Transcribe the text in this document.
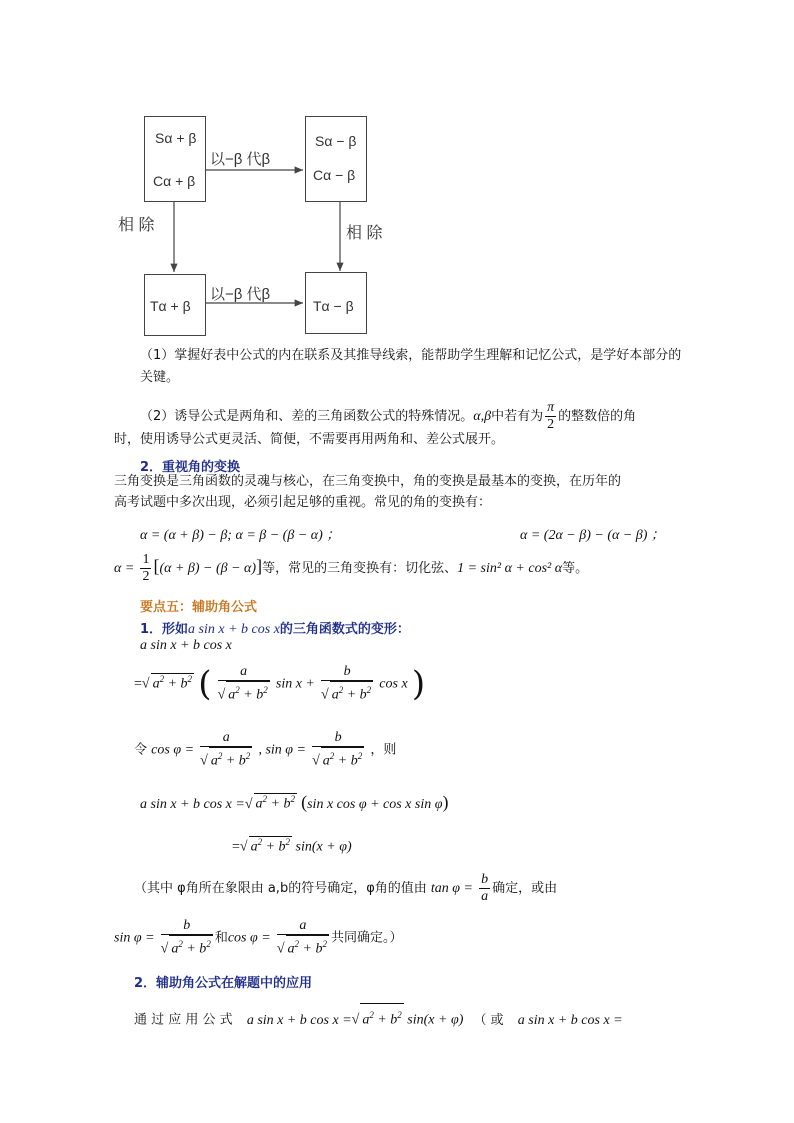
Sα + β
Cα + β
Sα − β
Cα − β
Tα + β	Tα − β
以−β 代β
以−β 代β
相 除	相 除
（1）掌握好表中公式的内在联系及其推导线索，能帮助学生理解和记忆公式，是学好本部分的关键。
（2）诱导公式是两角和、差的三角函数公式的特殊情况。α,β中若有为 $\frac{\pi}{2}$ 的整数倍的角
时，使用诱导公式更灵活、简便，不需要再用两角和、差公式展开。
2．重视角的变换
三角变换是三角函数的灵魂与核心，在三角变换中，角的变换是最基本的变换，在历年的
高考试题中多次出现，必须引起足够的重视。常见的角的变换有：
α = (α + β) − β; α = β − (β − α) ；	α = (2α − β) − (α − β) ；
$\alpha = \frac{1}{2} [(\alpha + \beta) - (\beta - \alpha)]$等，常见的三角变换有：切化弦、1 = sin² α + cos² α等。
要点五：辅助角公式
1．形如a sin x + b cos x的三角函数式的变形：
a sin x + b cos x
=√ $a^2 + b^2$ ( $\frac{a}{√ a^2 + b^2}$ $\sin x + \frac{b}{√ a^2 + b^2}$ cos x )
令 $\cos \varphi = \frac{a}{√ a^2 + b^2}$ , $\sin \varphi = \frac{b}{√ a^2 + b^2}$ ，则
a sin x + b cos x =√ $a^2 + b^2$ (sin x cos φ + cos x sin φ)
=√ $a^2 + b^2$ sin(x + φ)
（其中 φ角所在象限由 a,b的符号确定，φ角的值由 $\tan \varphi = \frac{b}{a}$ 确定，或由
$\sin \varphi = \frac{b}{√ a^2 + b^2}$ 和$\cos \varphi = \frac{a}{√ a^2 + b^2}$ 共同确定。）
2．辅助角公式在解题中的应用
通 过 应 用 公 式 a sin x + b cos x =√ $a^2 + b^2$ sin(x + φ) （ 或 a sin x + b cos x =
